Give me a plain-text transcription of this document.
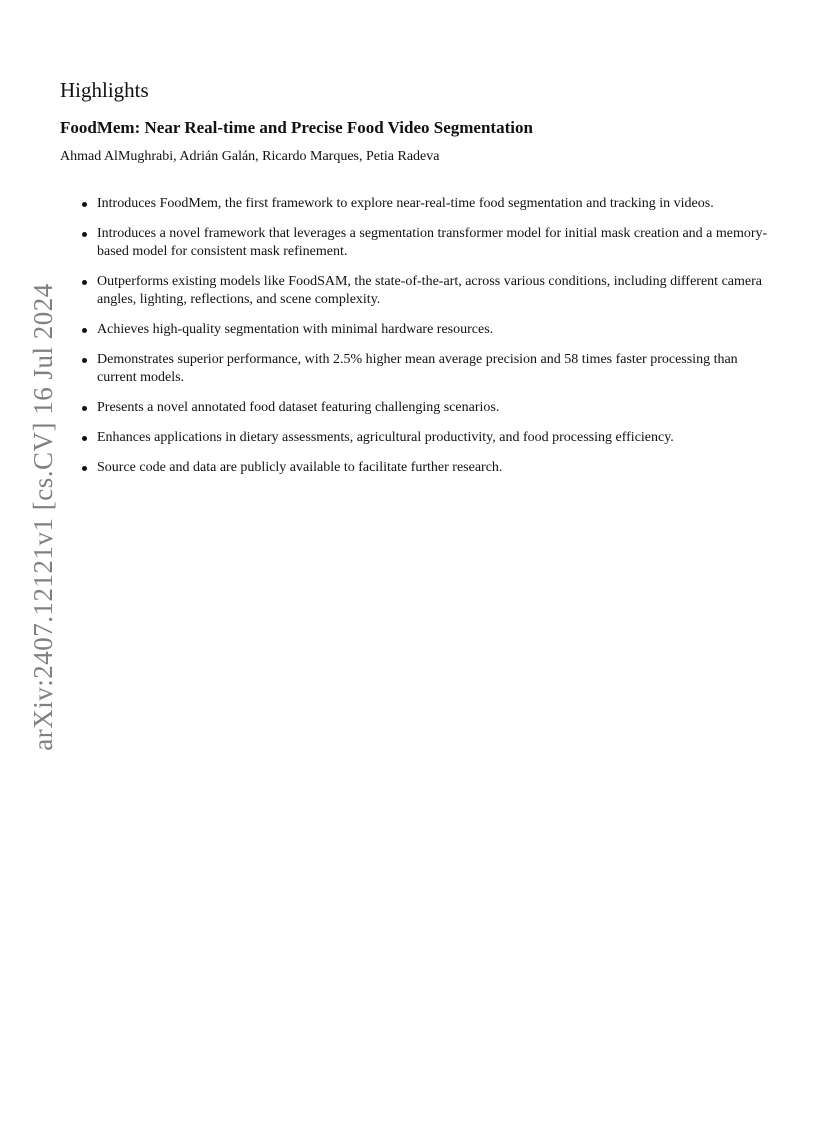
Highlights
FoodMem: Near Real-time and Precise Food Video Segmentation
Ahmad AlMughrabi, Adrián Galán, Ricardo Marques, Petia Radeva
Introduces FoodMem, the first framework to explore near-real-time food segmentation and tracking in videos.
Introduces a novel framework that leverages a segmentation transformer model for initial mask creation and a memory-based model for consistent mask refinement.
Outperforms existing models like FoodSAM, the state-of-the-art, across various conditions, including different camera angles, lighting, reflections, and scene complexity.
Achieves high-quality segmentation with minimal hardware resources.
Demonstrates superior performance, with 2.5% higher mean average precision and 58 times faster processing than current models.
Presents a novel annotated food dataset featuring challenging scenarios.
Enhances applications in dietary assessments, agricultural productivity, and food processing efficiency.
Source code and data are publicly available to facilitate further research.
arXiv:2407.12121v1 [cs.CV] 16 Jul 2024
